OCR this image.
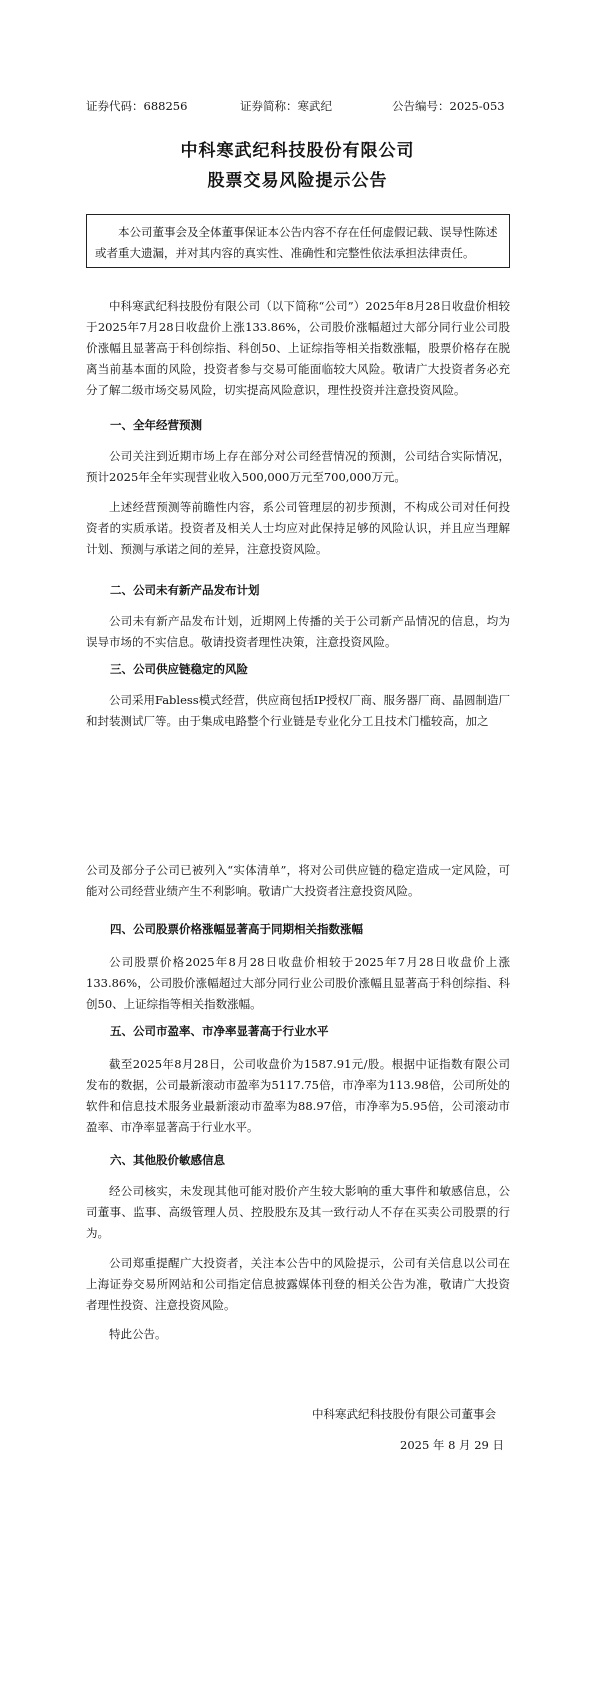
证券代码：688256	证券简称：寒武纪	公告编号：2025-053
中科寒武纪科技股份有限公司
股票交易风险提示公告

本公司董事会及全体董事保证本公告内容不存在任何虚假记载、误导性陈述或者重大遗漏，并对其内容的真实性、准确性和完整性依法承担法律责任。

中科寒武纪科技股份有限公司（以下简称“公司”）2025年8月28日收盘价相较于2025年7月28日收盘价上涨133.86%，公司股价涨幅超过大部分同行业公司股价涨幅且显著高于科创综指、科创50、上证综指等相关指数涨幅，股票价格存在脱离当前基本面的风险，投资者参与交易可能面临较大风险。敬请广大投资者务必充分了解二级市场交易风险，切实提高风险意识，理性投资并注意投资风险。

一、全年经营预测

公司关注到近期市场上存在部分对公司经营情况的预测，公司结合实际情况，预计2025年全年实现营业收入500,000万元至700,000万元。

上述经营预测等前瞻性内容，系公司管理层的初步预测，不构成公司对任何投资者的实质承诺。投资者及相关人士均应对此保持足够的风险认识，并且应当理解计划、预测与承诺之间的差异，注意投资风险。

二、公司未有新产品发布计划

公司未有新产品发布计划，近期网上传播的关于公司新产品情况的信息，均为误导市场的不实信息。敬请投资者理性决策，注意投资风险。

三、公司供应链稳定的风险

公司采用Fabless模式经营，供应商包括IP授权厂商、服务器厂商、晶圆制造厂和封装测试厂等。由于集成电路整个行业链是专业化分工且技术门槛较高，加之

公司及部分子公司已被列入“实体清单”，将对公司供应链的稳定造成一定风险，可能对公司经营业绩产生不利影响。敬请广大投资者注意投资风险。

四、公司股票价格涨幅显著高于同期相关指数涨幅

公司股票价格2025年8月28日收盘价相较于2025年7月28日收盘价上涨133.86%，公司股价涨幅超过大部分同行业公司股价涨幅且显著高于科创综指、科创50、上证综指等相关指数涨幅。

五、公司市盈率、市净率显著高于行业水平

截至2025年8月28日，公司收盘价为1587.91元/股。根据中证指数有限公司发布的数据，公司最新滚动市盈率为5117.75倍，市净率为113.98倍，公司所处的软件和信息技术服务业最新滚动市盈率为88.97倍，市净率为5.95倍，公司滚动市盈率、市净率显著高于行业水平。

六、其他股价敏感信息

经公司核实，未发现其他可能对股价产生较大影响的重大事件和敏感信息，公司董事、监事、高级管理人员、控股股东及其一致行动人不存在买卖公司股票的行为。

公司郑重提醒广大投资者，关注本公告中的风险提示，公司有关信息以公司在上海证券交易所网站和公司指定信息披露媒体刊登的相关公告为准，敬请广大投资者理性投资、注意投资风险。

特此公告。

中科寒武纪科技股份有限公司董事会
2025 年 8 月 29 日
